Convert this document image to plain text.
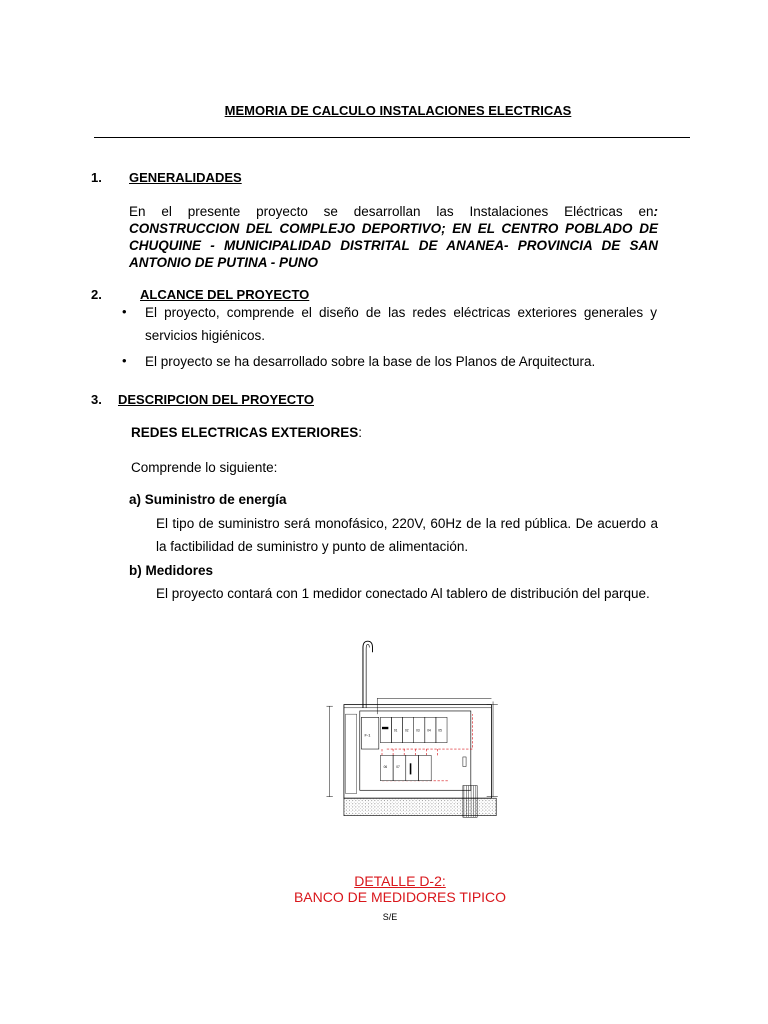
MEMORIA DE CALCULO INSTALACIONES ELECTRICAS
1. GENERALIDADES
En el presente proyecto se desarrollan las Instalaciones Eléctricas en: CONSTRUCCION DEL COMPLEJO DEPORTIVO; EN EL CENTRO POBLADO DE CHUQUINE - MUNICIPALIDAD DISTRITAL DE ANANEA- PROVINCIA DE SAN ANTONIO DE PUTINA - PUNO
2.	ALCANCE DEL PROYECTO
• El proyecto, comprende el diseño de las redes eléctricas exteriores generales y servicios higiénicos.
• El proyecto se ha desarrollado sobre la base de los Planos de Arquitectura.
3. DESCRIPCION DEL PROYECTO
REDES ELECTRICAS EXTERIORES:
Comprende lo siguiente:
a) Suministro de energía
El tipo de suministro será monofásico, 220V, 60Hz de la red pública. De acuerdo a la factibilidad de suministro y punto de alimentación.
b) Medidores
El proyecto contará con 1 medidor conectado Al tablero de distribución del parque.
F-1
01 02 03 04 05
06 07
DETALLE D-2:
BANCO DE MEDIDORES TIPICO
S/E
